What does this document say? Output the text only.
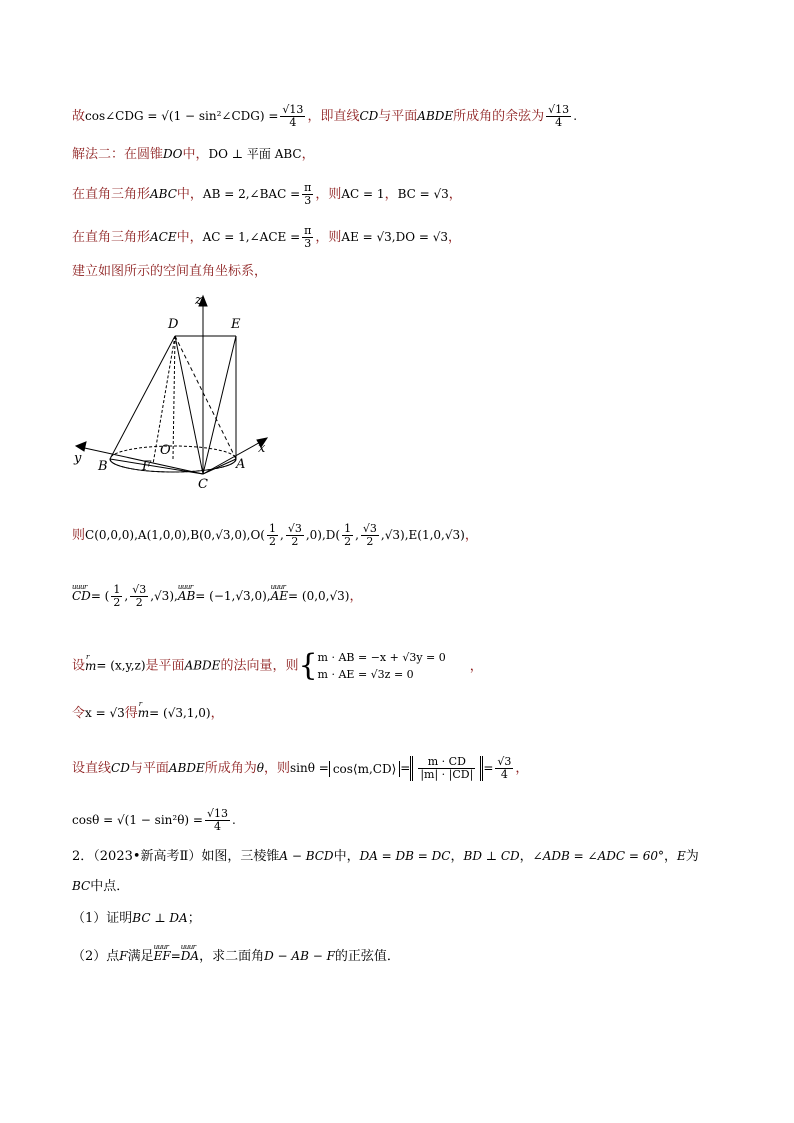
故cos∠CDG = √(1 − sin²∠CDG) = $\frac{√13}{4}$ ，即直线CD与平面ABDE所成角的余弦为 $\frac{√13}{4}$ .
解法二：在圆锥DO中，DO ⊥ 平面 ABC，
在直角三角形ABC中，AB = 2,∠BAC = $\frac{\pi}{3}$ ，则AC = 1，BC = √3，
在直角三角形ACE中，AC = 1,∠ACE = $\frac{\pi}{3}$ ，则AE = √3,DO = √3，
建立如图所示的空间直角坐标系，
z
D	E
O
y
B	F	A
x
C
则$C(0,0,0),A(1,0,0),B(0,√3,0),O( \frac{1}{2}$ , $\frac{√3}{2} ,0),D( \frac{1}{2}$ , $\frac{√3}{2} ,√3),E(1,0,√3)$，
uuur CD= ( $\frac{1}{2}$ , $\frac{√3}{2}$ ,√3),uuur AB= (−1,√3,0),uuur AE= (0,0,√3)，
设r m= (x,y,z)是平面ABDE的法向量，则{ m · AB = −x + √3y = 0
m · AE = √3z = 0
，
令x = √3得r m= (√3,1,0)，
设直线CD与平面ABDE所成角为θ，则sinθ = cos⟨m,CD⟩ = $\frac{m \cdot CD}{|m| \cdot |CD|} = \frac{√3}{4}$ ，
$\cos\theta = √(1 - \sin^2\theta) = \frac{√13}{4}$ .
2．（2023•新高考Ⅱ）如图，三棱锥A − BCD中，DA = DB = DC，BD ⊥ CD，∠ADB = ∠ADC = 60°，E为
BC中点．
（1）证明BC ⊥ DA；
（2）点F满足uuur EF=uuur DA，求二面角D − AB − F的正弦值．
